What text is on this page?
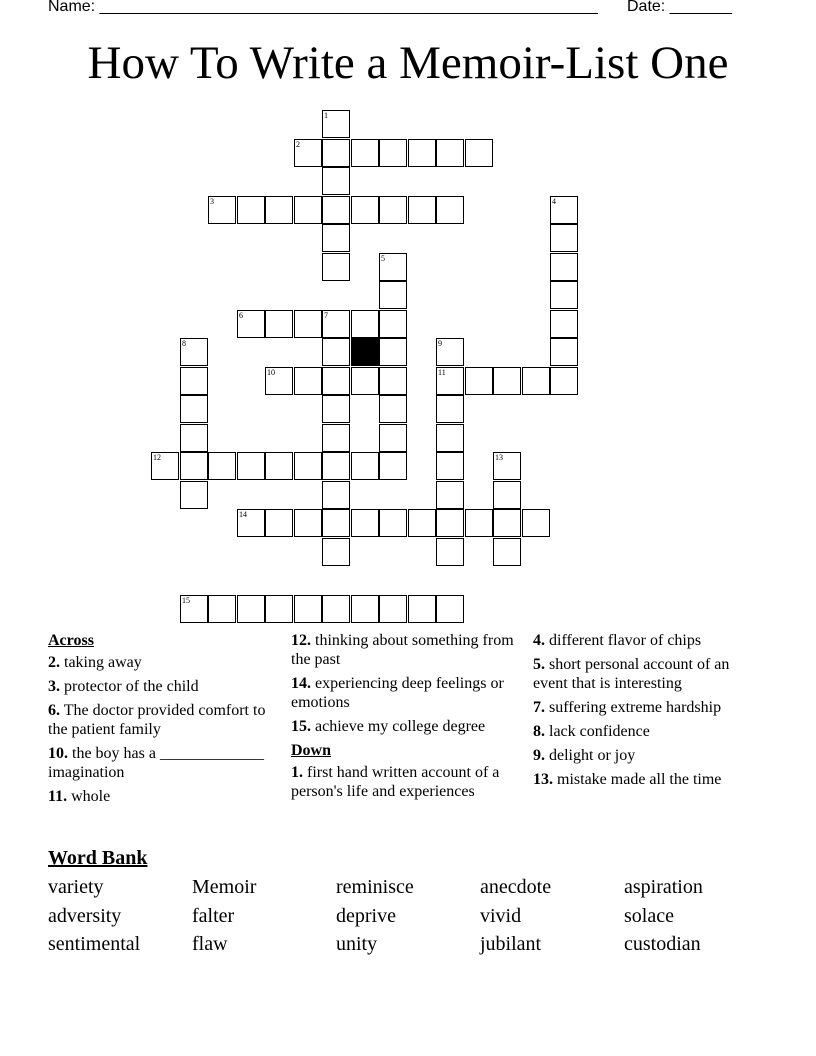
Name: ________________________________________________________ Date: _______
How To Write a Memoir-List One
1
2
3	4
5
6	7
8	9
11
10
12	13
14
15
Across
2. taking away
3. protector of the child
6. The doctor provided comfort to the patient family
10. the boy has a _____________ imagination
11. whole
12. thinking about something from the past
14. experiencing deep feelings or emotions
15. achieve my college degree
Down
1. first hand written account of a person's life and experiences
4. different flavor of chips
5. short personal account of an event that is interesting
7. suffering extreme hardship
8. lack confidence
9. delight or joy
13. mistake made all the time
Word Bank
variety	Memoir	reminisce	anecdote	aspiration
adversity	falter	deprive	vivid	solace
sentimental	flaw	unity	jubilant	custodian
